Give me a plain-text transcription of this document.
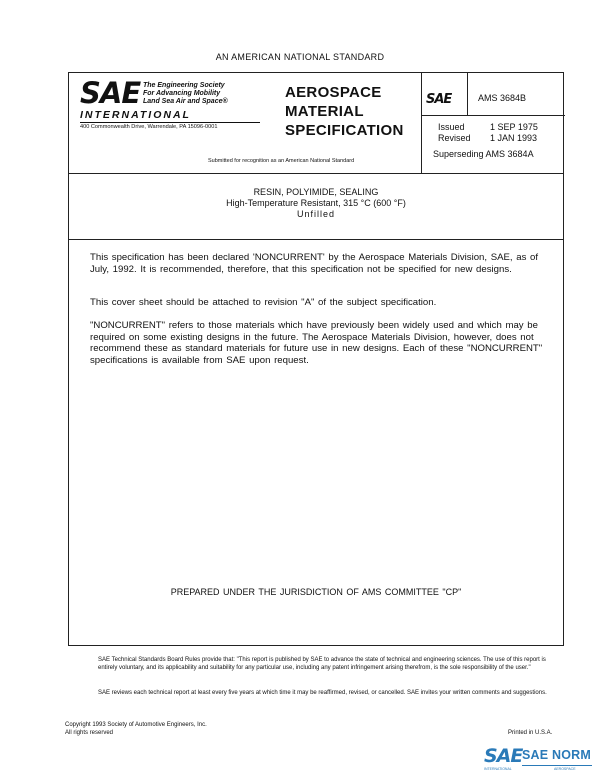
AN AMERICAN NATIONAL STANDARD
SAE The Engineering Society
For Advancing Mobility
Land Sea Air and Space®
INTERNATIONAL
400 Commonwealth Drive, Warrendale, PA 15096-0001
AEROSPACE
MATERIAL
SPECIFICATION
Submitted for recognition as an American National Standard
SAE	AMS 3684B
Issued	1 SEP 1975
Revised 1 JAN 1993
Superseding AMS 3684A
RESIN, POLYIMIDE, SEALING
High-Temperature Resistant, 315 °C (600 °F)
Unfilled
This specification has been declared 'NONCURRENT' by the Aerospace Materials Division, SAE, as of July, 1992. It is recommended, therefore, that this specification not be specified for new designs.
This cover sheet should be attached to revision "A" of the subject specification.
"NONCURRENT" refers to those materials which have previously been widely used and which may be required on some existing designs in the future. The Aerospace Materials Division, however, does not recommend these as standard materials for future use in new designs. Each of these "NONCURRENT" specifications is available from SAE upon request.
PREPARED UNDER THE JURISDICTION OF AMS COMMITTEE "CP"
SAE Technical Standards Board Rules provide that: "This report is published by SAE to advance the state of technical and engineering sciences. The use of this report is entirely voluntary, and its applicability and suitability for any particular use, including any patent infringement arising therefrom, is the sole responsibility of the user."
SAE reviews each technical report at least every five years at which time it may be reaffirmed, revised, or cancelled. SAE invites your written comments and suggestions.
Copyright 1993 Society of Automotive Engineers, Inc.
All rights reserved	Printed in U.S.A.
SAE SAE NORM
INTERNATIONAL	AEROSPACE
